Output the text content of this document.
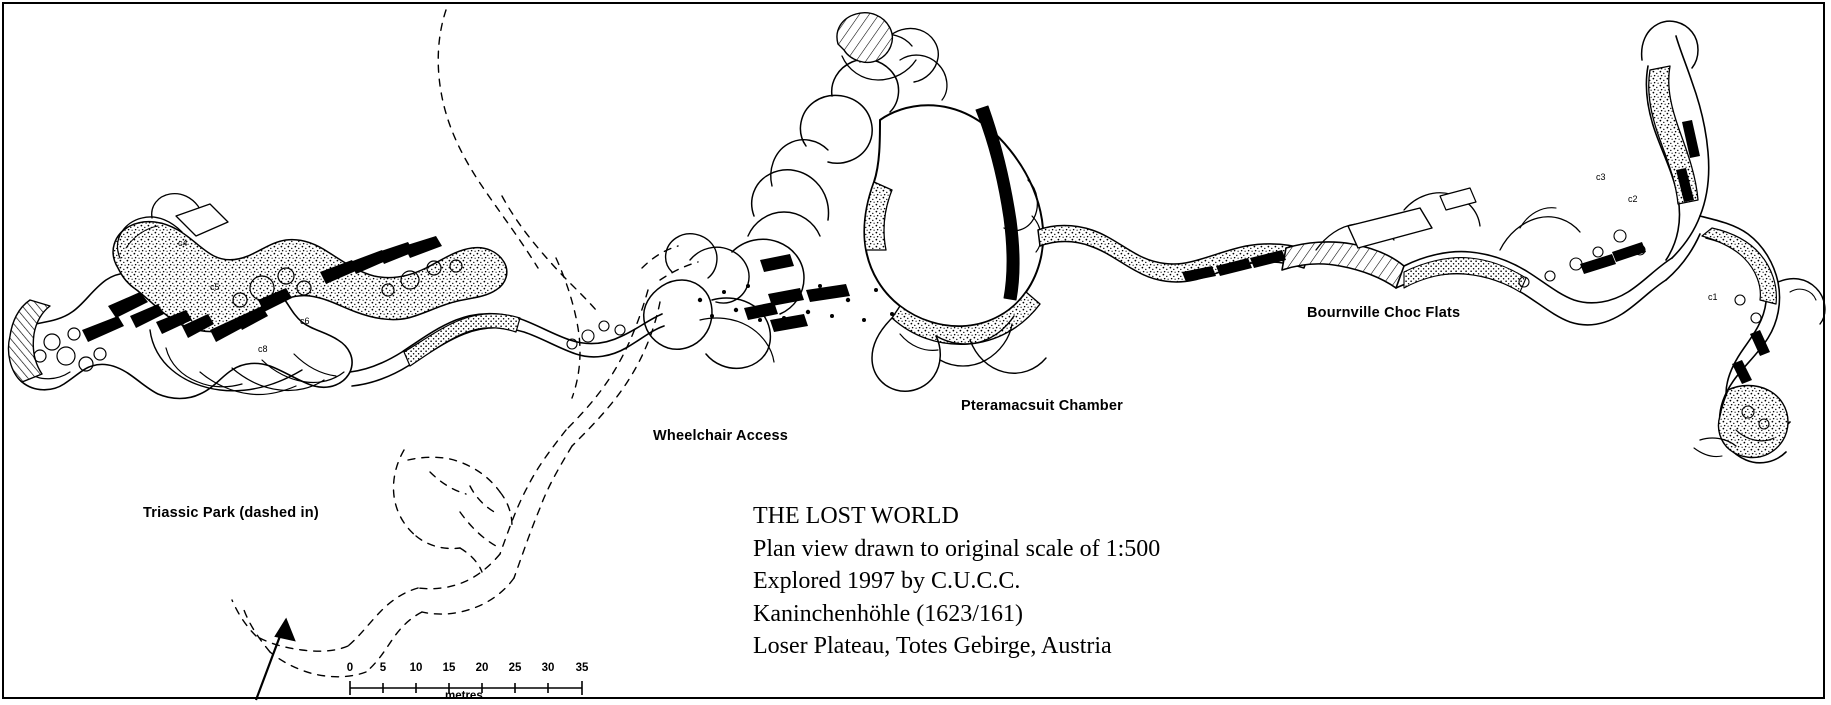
c4
c5
c6
c8
c3
c2
c1
Triassic Park (dashed in)
Wheelchair Access
Pteramacsuit Chamber
Bournville Choc Flats
THE LOST WORLD
Plan view drawn to original scale of 1:500
Explored 1997 by C.U.C.C.
Kaninchenhöhle (1623/161)
Loser Plateau, Totes Gebirge, Austria
0 5 10 15 20 25 30 35
metres
